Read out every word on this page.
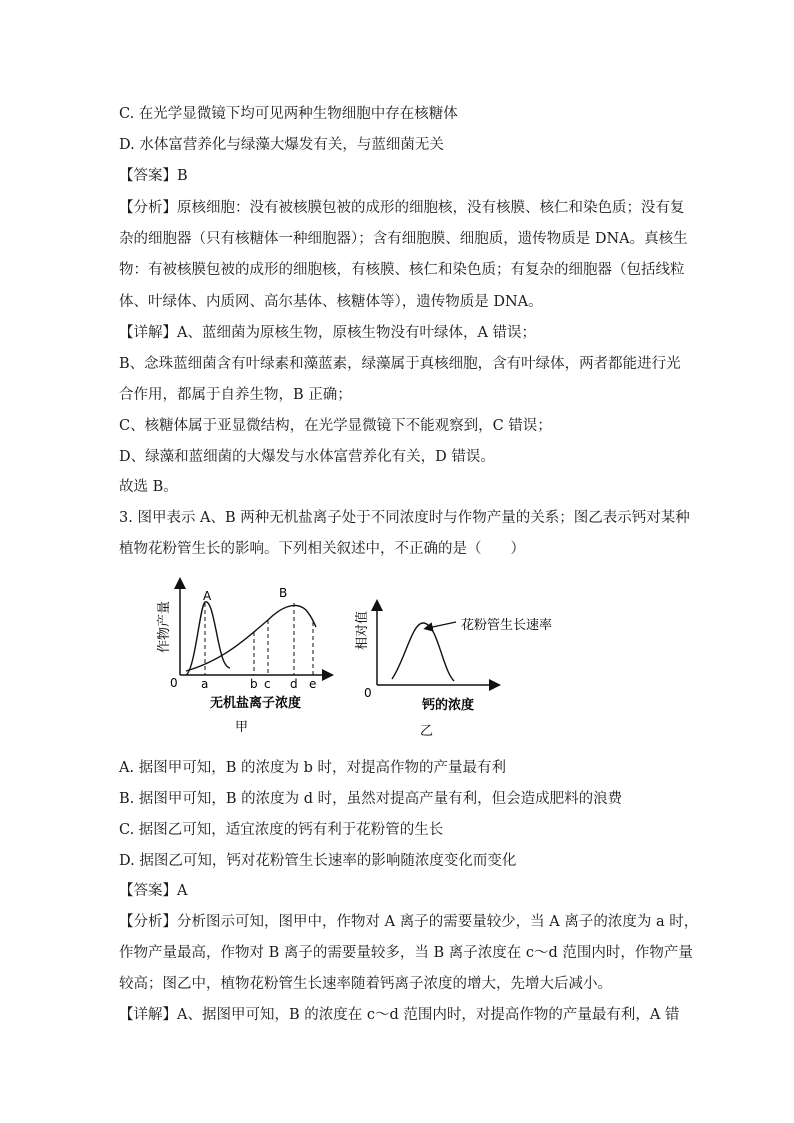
C. 在光学显微镜下均可见两种生物细胞中存在核糖体
D. 水体富营养化与绿藻大爆发有关，与蓝细菌无关
【答案】B
【分析】原核细胞：没有被核膜包被的成形的细胞核，没有核膜、核仁和染色质；没有复
杂的细胞器（只有核糖体一种细胞器）；含有细胞膜、细胞质，遗传物质是 DNA。真核生
物：有被核膜包被的成形的细胞核，有核膜、核仁和染色质；有复杂的细胞器（包括线粒
体、叶绿体、内质网、高尔基体、核糖体等），遗传物质是 DNA。
【详解】A、蓝细菌为原核生物，原核生物没有叶绿体，A 错误；
B、念珠蓝细菌含有叶绿素和藻蓝素，绿藻属于真核细胞，含有叶绿体，两者都能进行光
合作用，都属于自养生物，B 正确；
C、核糖体属于亚显微结构，在光学显微镜下不能观察到，C 错误；
D、绿藻和蓝细菌的大爆发与水体富营养化有关，D 错误。
故选 B。
3. 图甲表示 A、B 两种无机盐离子处于不同浓度时与作物产量的关系；图乙表示钙对某种
植物花粉管生长的影响。下列相关叙述中，不正确的是（　　）
作物产量
0
A	B
a	b c d e
无机盐离子浓度
甲
相对值
0
花粉管生长速率
钙的浓度
乙
A. 据图甲可知，B 的浓度为 b 时，对提高作物的产量最有利
B. 据图甲可知，B 的浓度为 d 时，虽然对提高产量有利，但会造成肥料的浪费
C. 据图乙可知，适宜浓度的钙有利于花粉管的生长
D. 据图乙可知，钙对花粉管生长速率的影响随浓度变化而变化
【答案】A
【分析】分析图示可知，图甲中，作物对 A 离子的需要量较少，当 A 离子的浓度为 a 时，
作物产量最高，作物对 B 离子的需要量较多，当 B 离子浓度在 c～d 范围内时，作物产量
较高；图乙中，植物花粉管生长速率随着钙离子浓度的增大，先增大后减小。
【详解】A、据图甲可知，B 的浓度在 c～d 范围内时，对提高作物的产量最有利，A 错
